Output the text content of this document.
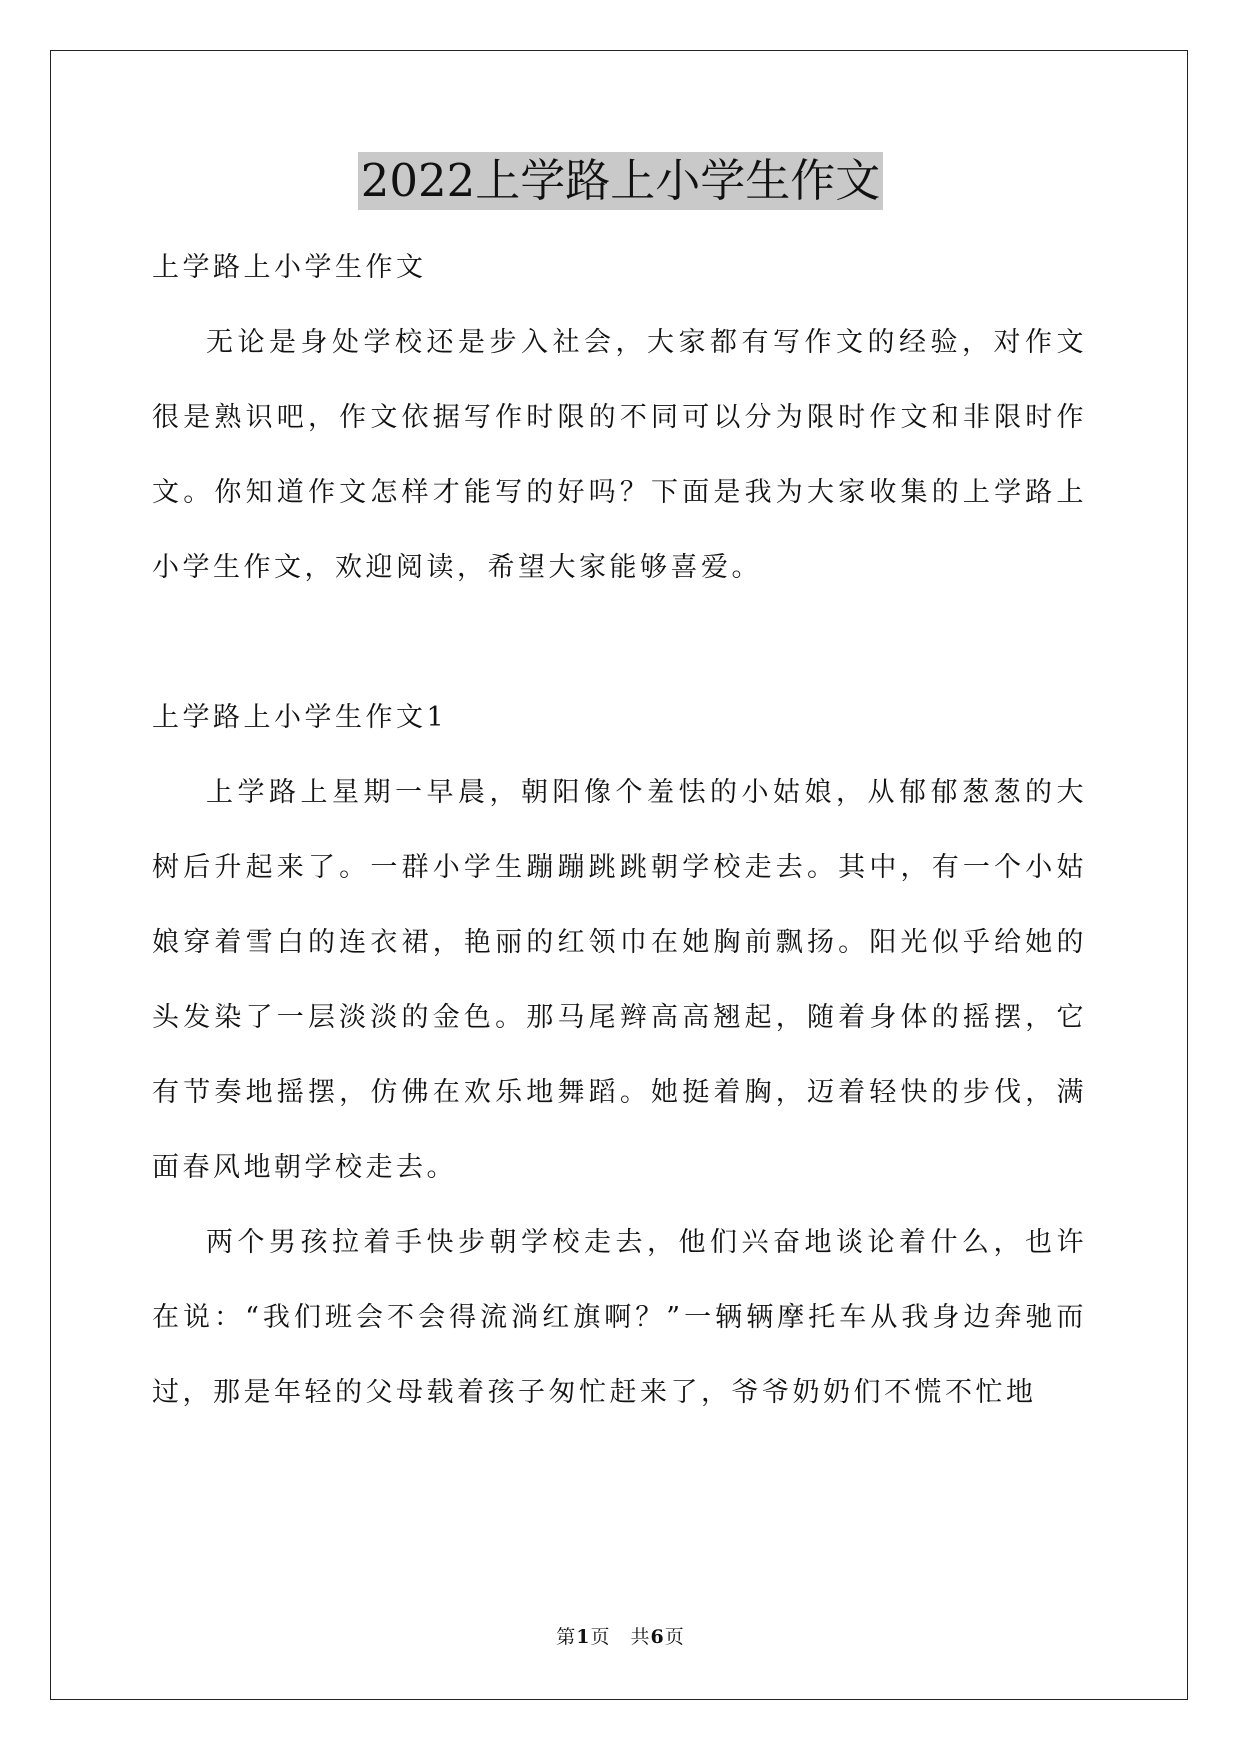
2022上学路上小学生作文

上学路上小学生作文

无论是身处学校还是步入社会，大家都有写作文的经验，对作文很是熟识吧，作文依据写作时限的不同可以分为限时作文和非限时作文。你知道作文怎样才能写的好吗？下面是我为大家收集的上学路上小学生作文，欢迎阅读，希望大家能够喜爱。

上学路上小学生作文1

上学路上星期一早晨，朝阳像个羞怯的小姑娘，从郁郁葱葱的大树后升起来了。一群小学生蹦蹦跳跳朝学校走去。其中，有一个小姑娘穿着雪白的连衣裙，艳丽的红领巾在她胸前飘扬。阳光似乎给她的头发染了一层淡淡的金色。那马尾辫高高翘起，随着身体的摇摆，它有节奏地摇摆，仿佛在欢乐地舞蹈。她挺着胸，迈着轻快的步伐，满面春风地朝学校走去。

两个男孩拉着手快步朝学校走去，他们兴奋地谈论着什么，也许在说：“我们班会不会得流淌红旗啊？”一辆辆摩托车从我身边奔驰而过，那是年轻的父母载着孩子匆忙赶来了，爷爷奶奶们不慌不忙地

第1页　共6页
